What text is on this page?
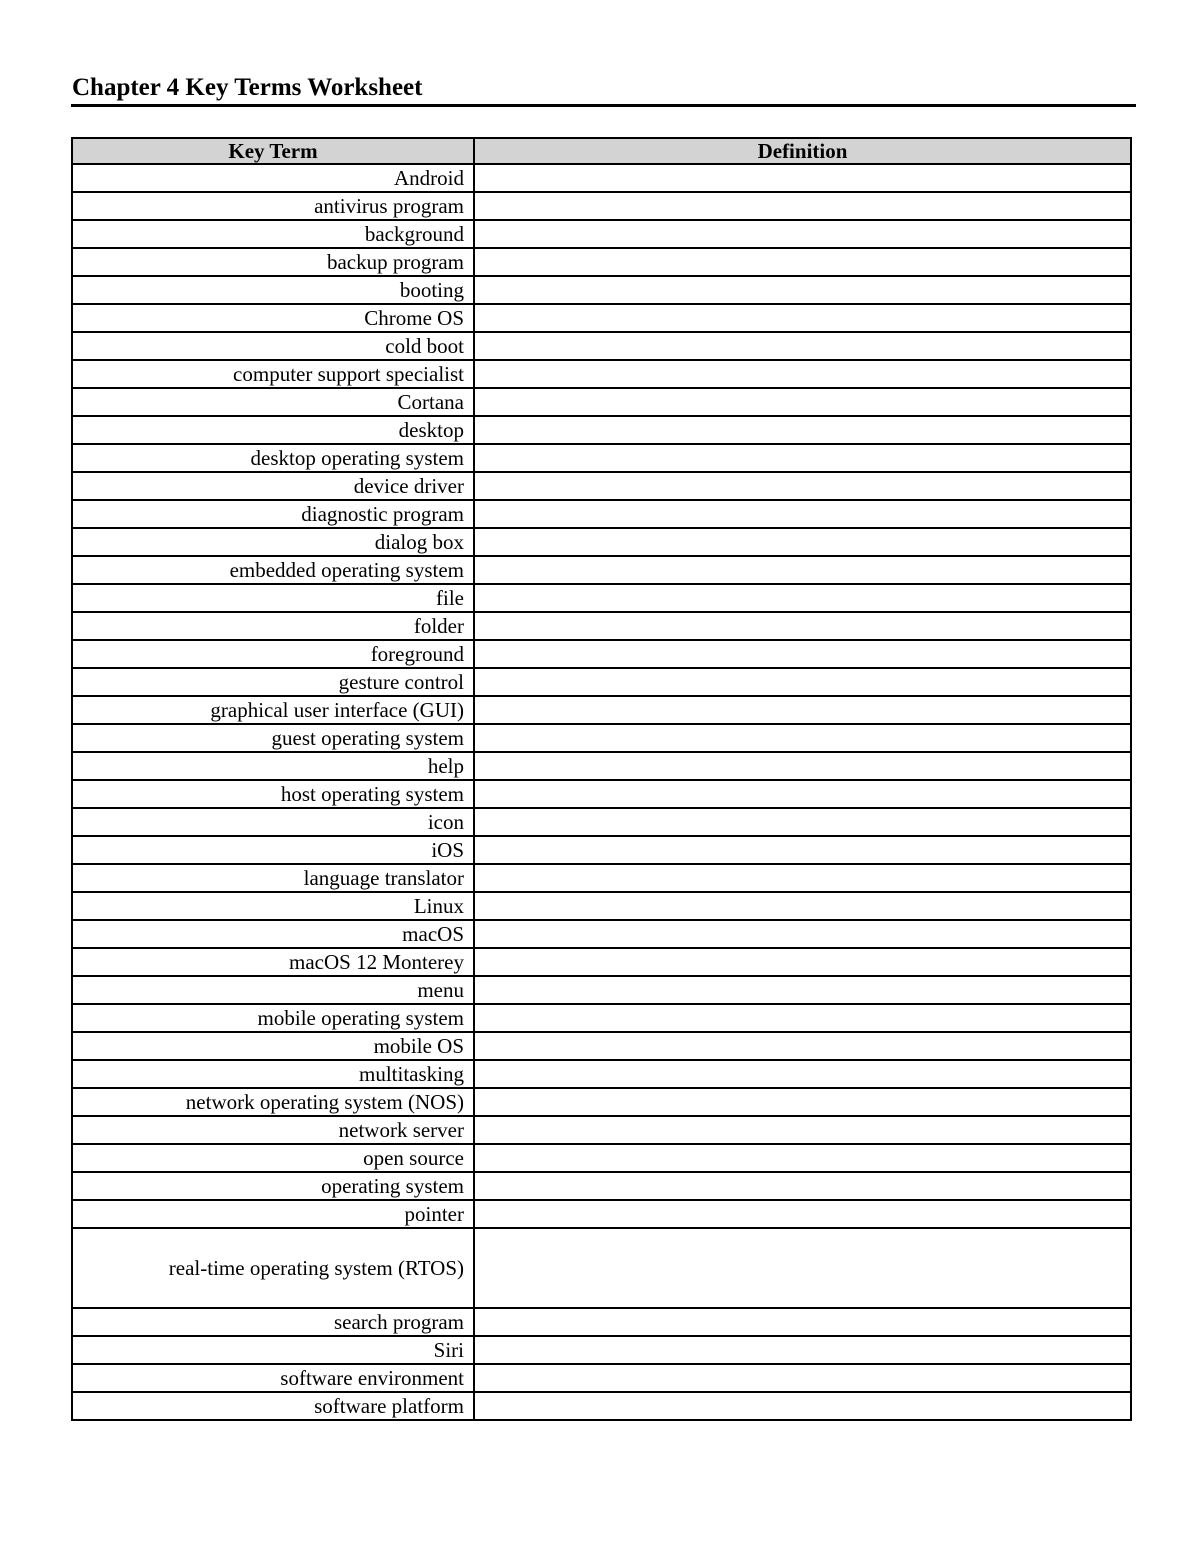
Chapter 4 Key Terms Worksheet
Key Term	Definition
Android	
antivirus program	
background	
backup program	
booting	
Chrome OS	
cold boot	
computer support specialist	
Cortana	
desktop	
desktop operating system	
device driver	
diagnostic program	
dialog box	
embedded operating system	
file	
folder	
foreground	
gesture control	
graphical user interface (GUI)	
guest operating system	
help	
host operating system	
icon	
iOS	
language translator	
Linux	
macOS	
macOS 12 Monterey	
menu	
mobile operating system	
mobile OS	
multitasking	
network operating system (NOS)	
network server	
open source	
operating system	
pointer	
real-time operating system (RTOS)	
search program	
Siri	
software environment	
software platform	
